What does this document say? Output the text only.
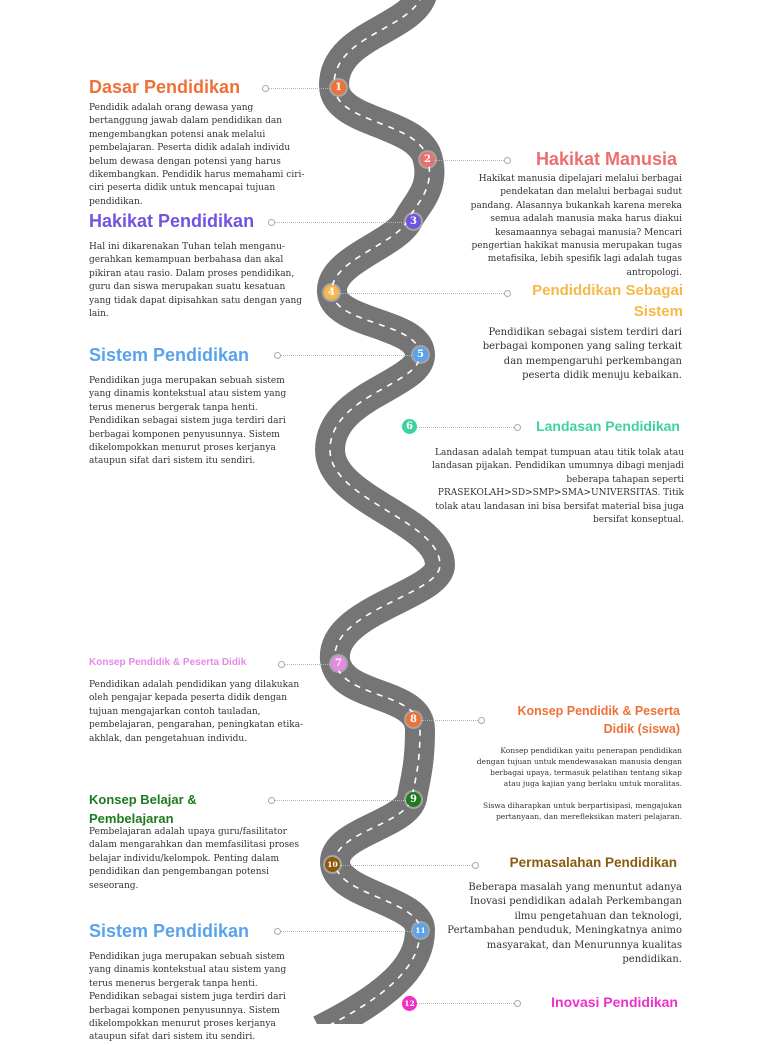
1
2
3
4
5
6
7
8
9
10
11
12
Dasar Pendidikan

Pendidik adalah orang dewasa yang bertanggung jawab dalam pendidikan dan mengembangkan potensi anak melalui pembelajaran. Peserta didik adalah individu belum dewasa dengan potensi yang harus dikembangkan. Pendidik harus memahami ciri-ciri peserta didik untuk mencapai tujuan pendidikan.

Hakikat Manusia

Hakikat manusia dipelajari melalui berbagai pendekatan dan melalui berbagai sudut pandang. Alasannya bukankah karena mereka semua adalah manusia maka harus diakui kesamaannya sebagai manusia? Mencari pengertian hakikat manusia merupakan tugas metafisika, lebih spesifik lagi adalah tugas antropologi.

Hakikat Pendidikan

Hal ini dikarenakan Tuhan telah menganu- gerahkan kemampuan berbahasa dan akal pikiran atau rasio. Dalam proses pendidikan, guru dan siswa merupakan suatu kesatuan yang tidak dapat dipisahkan satu dengan yang lain.

Pendiddikan Sebagai Sistem

Pendidikan sebagai sistem terdiri dari berbagai komponen yang saling terkait dan mempengaruhi perkembangan peserta didik menuju kebaikan.

Sistem Pendidikan

Pendidikan juga merupakan sebuah sistem yang dinamis kontekstual atau sistem yang terus menerus bergerak tanpa henti. Pendidikan sebagai sistem juga terdiri dari berbagai komponen penyusunnya. Sistem dikelompokkan menurut proses kerjanya ataupun sifat dari sistem itu sendiri.

Landasan Pendidikan

Landasan adalah tempat tumpuan atau titik tolak atau landasan pijakan. Pendidikan umumnya dibagi menjadi beberapa tahapan seperti PRASEKOLAH>SD>SMP>SMA>UNIVERSITAS. Titik tolak atau landasan ini bisa bersifat material bisa juga bersifat konseptual.

Konsep Pendidik & Peserta Didik

Pendidikan adalah pendidikan yang dilakukan oleh pengajar kepada peserta didik dengan tujuan mengajarkan contoh tauladan, pembelajaran, pengarahan, peningkatan etika-akhlak, dan pengetahuan individu.

Konsep Pendidik & Peserta Didik (siswa)

Konsep pendidikan yaitu penerapan pendidikan dengan tujuan untuk mendewasakan manusia dengan berbagai upaya, termasuk pelatihan tentang sikap atau juga kajian yang berlaku untuk moralitas.

Siswa diharapkan untuk berpartisipasi, mengajukan pertanyaan, dan merefleksikan materi pelajaran.

Konsep Belajar & Pembelajaran

Pembelajaran adalah upaya guru/fasilitator dalam mengarahkan dan memfasilitasi proses belajar individu/kelompok. Penting dalam pendidikan dan pengembangan potensi seseorang.

Permasalahan Pendidikan

Beberapa masalah yang menuntut adanya Inovasi pendidikan adalah Perkembangan ilmu pengetahuan dan teknologi, Pertambahan penduduk, Meningkatnya animo masyarakat, dan Menurunnya kualitas pendidikan.

Sistem Pendidikan

Pendidikan juga merupakan sebuah sistem yang dinamis kontekstual atau sistem yang terus menerus bergerak tanpa henti. Pendidikan sebagai sistem juga terdiri dari berbagai komponen penyusunnya. Sistem dikelompokkan menurut proses kerjanya ataupun sifat dari sistem itu sendiri.

Inovasi Pendidikan
